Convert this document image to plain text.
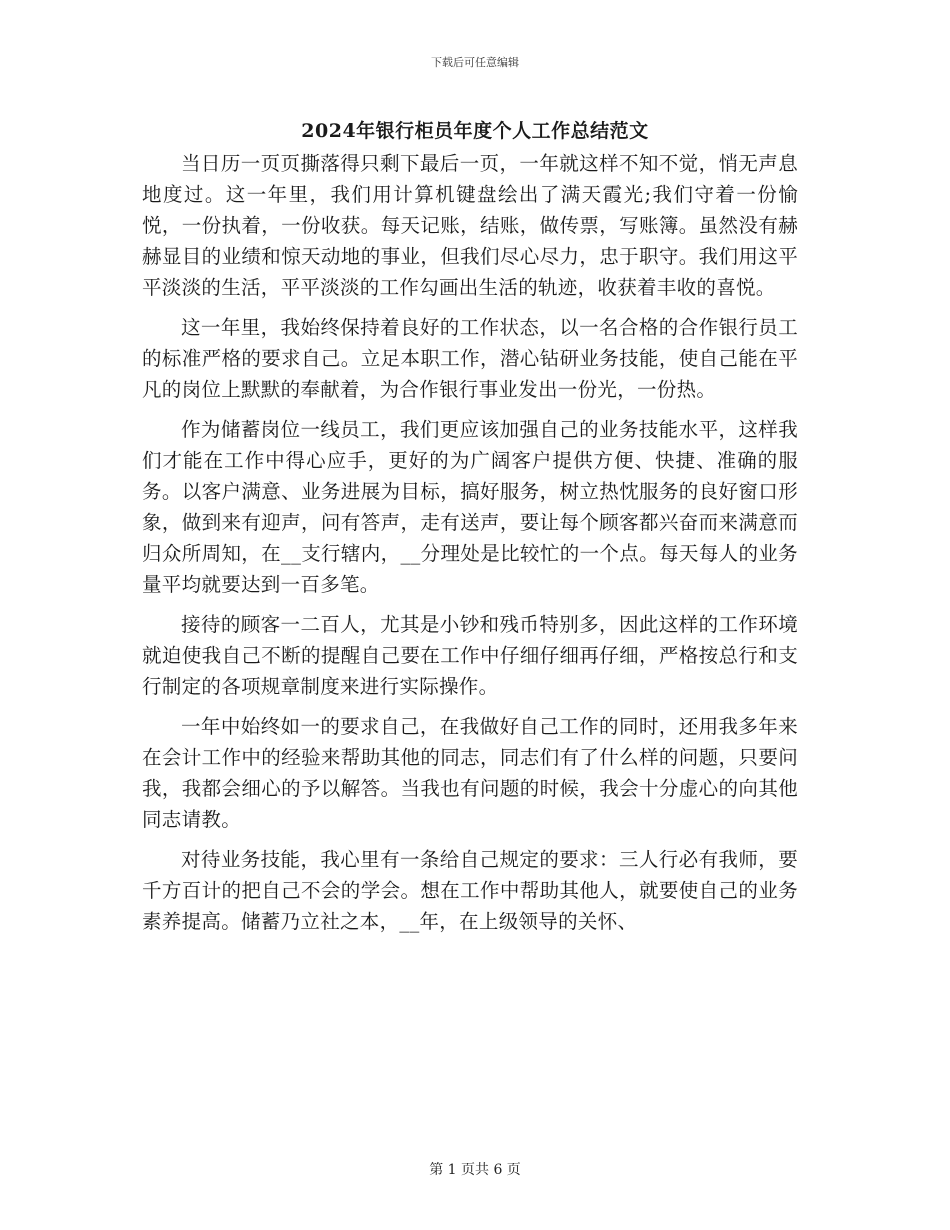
下载后可任意编辑
2024年银行柜员年度个人工作总结范文

当日历一页页撕落得只剩下最后一页，一年就这样不知不觉，悄无声息地度过。这一年里，我们用计算机键盘绘出了满天霞光;我们守着一份愉悦，一份执着，一份收获。每天记账，结账，做传票，写账簿。虽然没有赫赫显目的业绩和惊天动地的事业，但我们尽心尽力，忠于职守。我们用这平平淡淡的生活，平平淡淡的工作勾画出生活的轨迹，收获着丰收的喜悦。

这一年里，我始终保持着良好的工作状态，以一名合格的合作银行员工的标准严格的要求自己。立足本职工作，潜心钻研业务技能，使自己能在平凡的岗位上默默的奉献着，为合作银行事业发出一份光，一份热。

作为储蓄岗位一线员工，我们更应该加强自己的业务技能水平，这样我们才能在工作中得心应手，更好的为广阔客户提供方便、快捷、准确的服务。以客户满意、业务进展为目标，搞好服务，树立热忱服务的良好窗口形象，做到来有迎声，问有答声，走有送声，要让每个顾客都兴奋而来满意而归众所周知，在__支行辖内，__分理处是比较忙的一个点。每天每人的业务量平均就要达到一百多笔。

接待的顾客一二百人，尤其是小钞和残币特别多，因此这样的工作环境就迫使我自己不断的提醒自己要在工作中仔细仔细再仔细，严格按总行和支行制定的各项规章制度来进行实际操作。

一年中始终如一的要求自己，在我做好自己工作的同时，还用我多年来在会计工作中的经验来帮助其他的同志，同志们有了什么样的问题，只要问我，我都会细心的予以解答。当我也有问题的时候，我会十分虚心的向其他同志请教。

对待业务技能，我心里有一条给自己规定的要求：三人行必有我师，要千方百计的把自己不会的学会。想在工作中帮助其他人，就要使自己的业务素养提高。储蓄乃立社之本，__年，在上级领导的关怀、

第 1 页共 6 页
